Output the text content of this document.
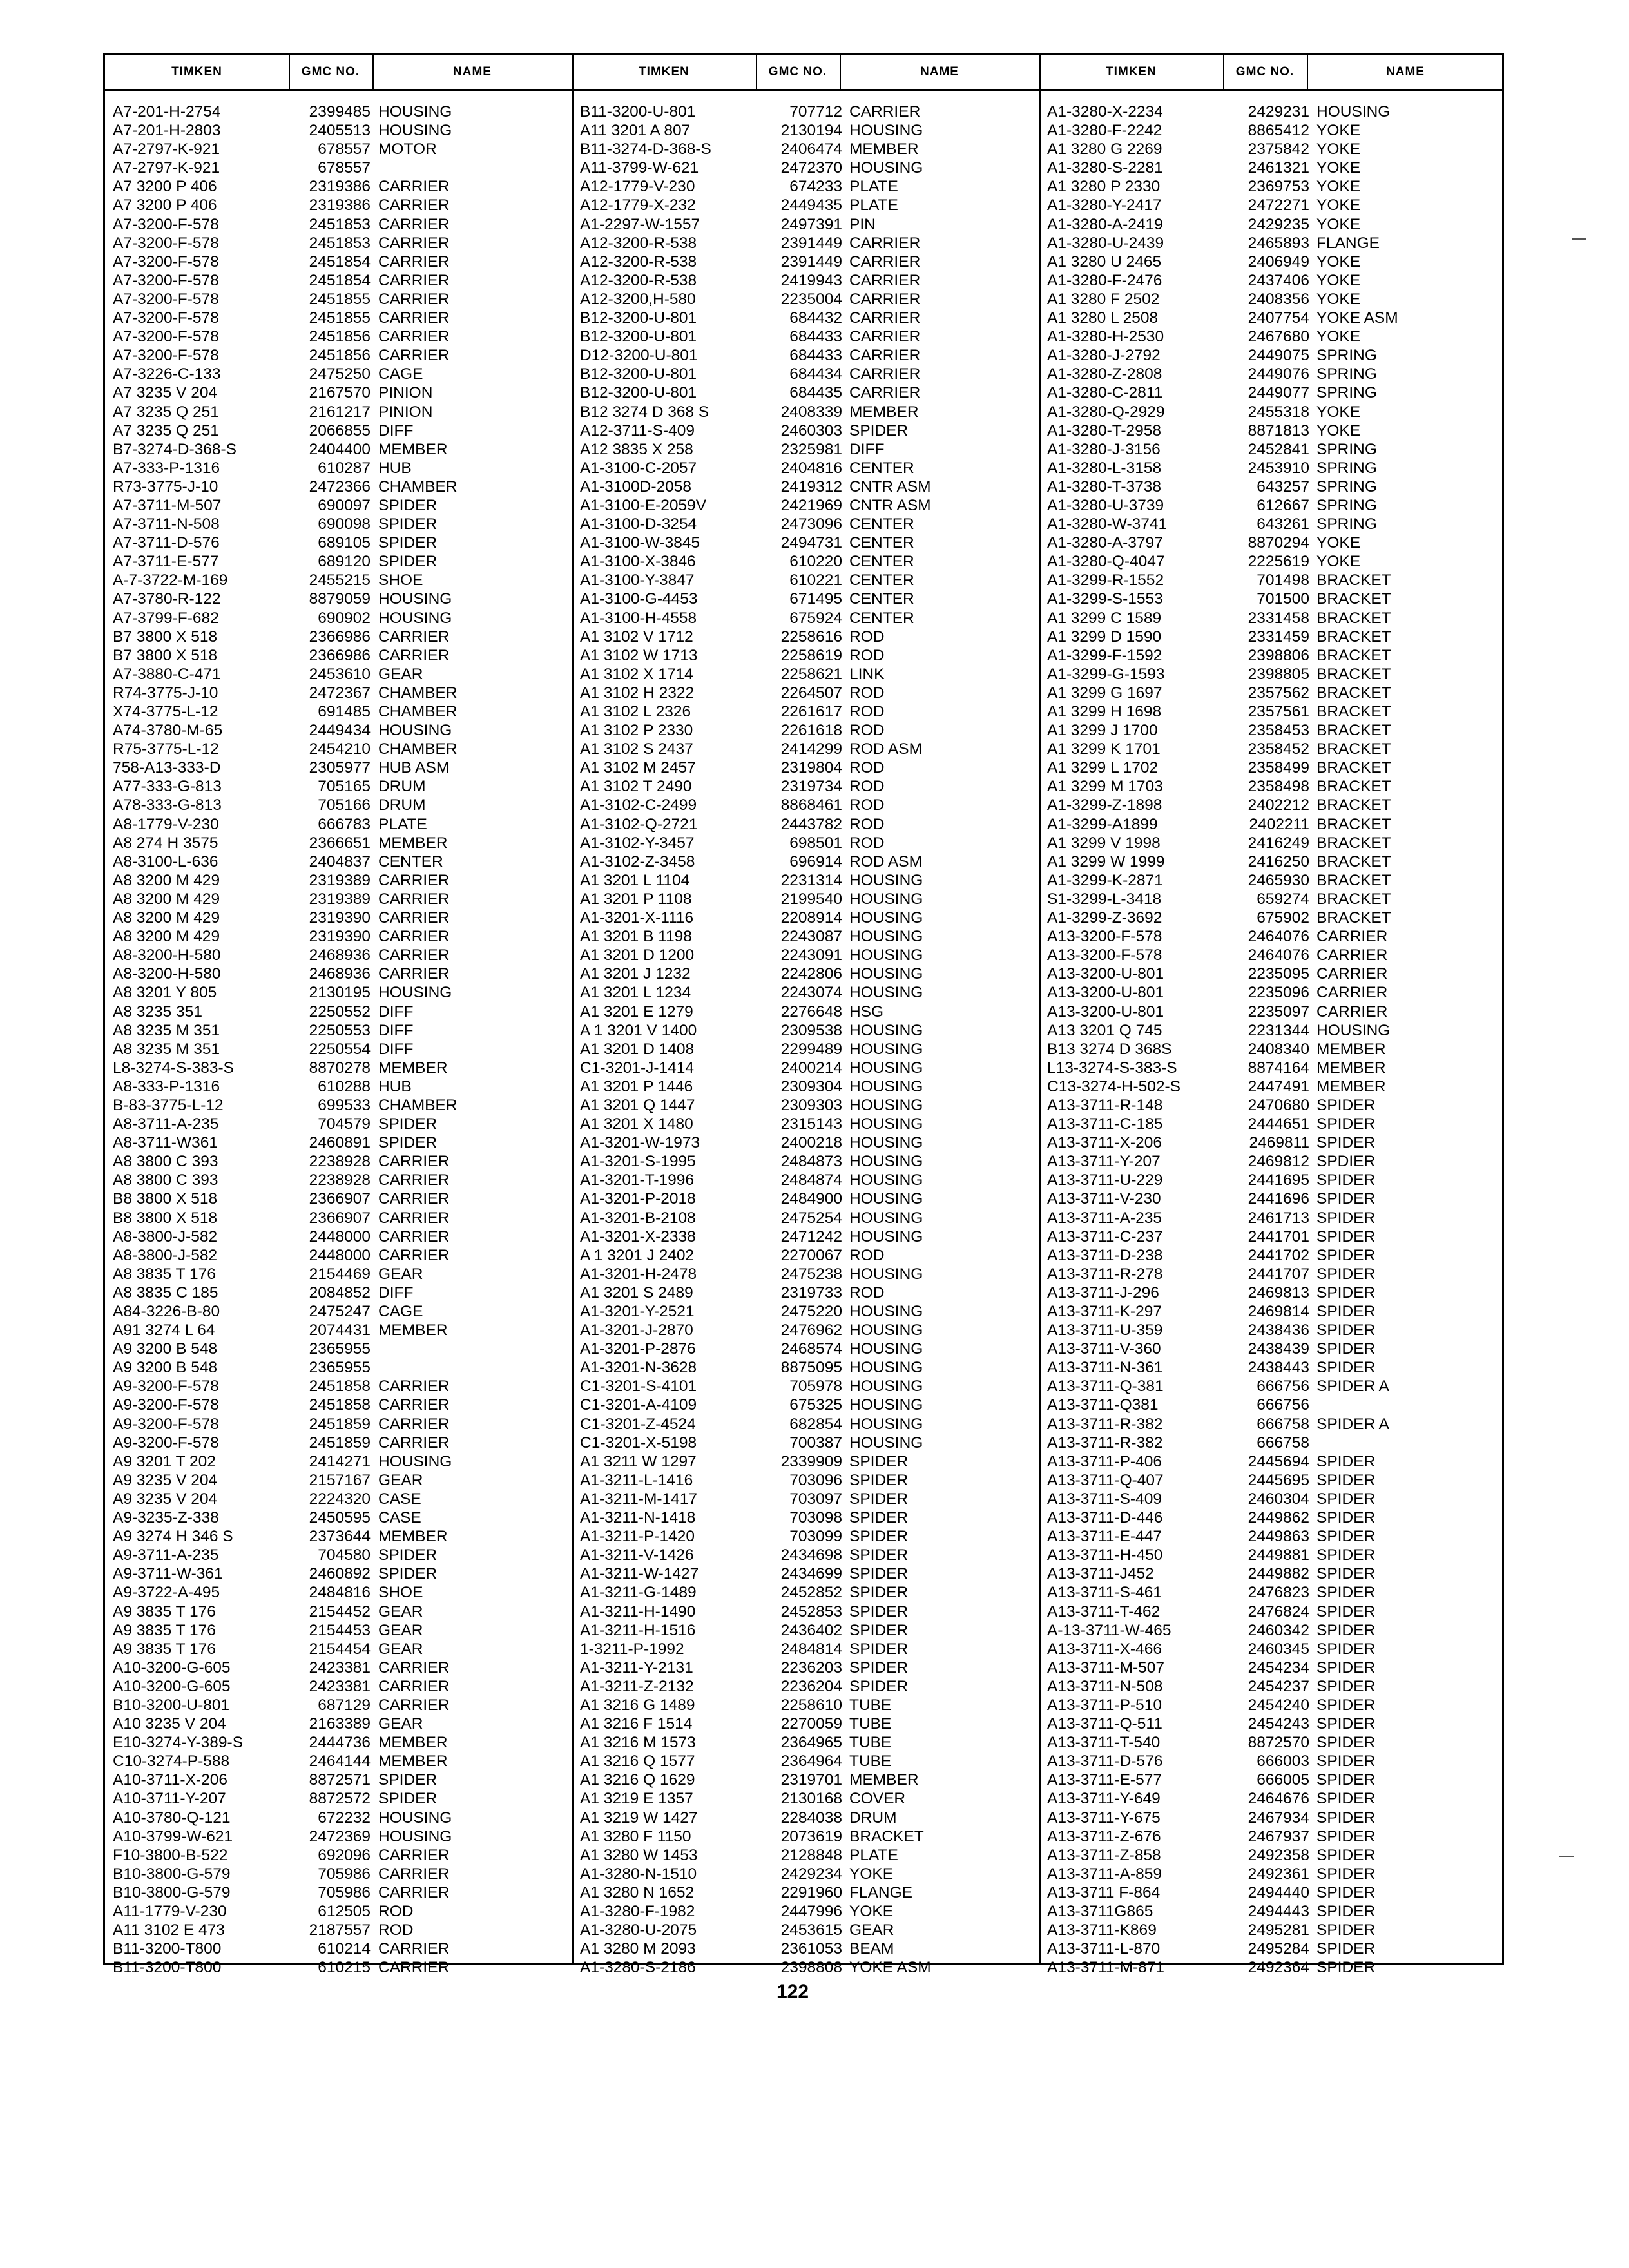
TIMKEN	GMC NO.	NAME	TIMKEN	GMC NO.	NAME	TIMKEN	GMC NO.	NAME
A7-201-H-2754	2399485 HOUSING
A7-201-H-2803	2405513 HOUSING
A7-2797-K-921	678557 MOTOR
A7-2797-K-921	678557
A7 3200 P 406	2319386 CARRIER
A7 3200 P 406	2319386 CARRIER
A7-3200-F-578	2451853 CARRIER
A7-3200-F-578	2451853 CARRIER
A7-3200-F-578	2451854 CARRIER
A7-3200-F-578	2451854 CARRIER
A7-3200-F-578	2451855 CARRIER
A7-3200-F-578	2451855 CARRIER
A7-3200-F-578	2451856 CARRIER
A7-3200-F-578	2451856 CARRIER
A7-3226-C-133	2475250 CAGE
A7 3235 V 204	2167570 PINION
A7 3235 Q 251	2161217 PINION
A7 3235 Q 251	2066855 DIFF
B7-3274-D-368-S	2404400 MEMBER
A7-333-P-1316	610287 HUB
R73-3775-J-10	2472366 CHAMBER
A7-3711-M-507	690097 SPIDER
A7-3711-N-508	690098 SPIDER
A7-3711-D-576	689105 SPIDER
A7-3711-E-577	689120 SPIDER
A-7-3722-M-169	2455215 SHOE
A7-3780-R-122	8879059 HOUSING
A7-3799-F-682	690902 HOUSING
B7 3800 X 518	2366986 CARRIER
B7 3800 X 518	2366986 CARRIER
A7-3880-C-471	2453610 GEAR
R74-3775-J-10	2472367 CHAMBER
X74-3775-L-12	691485 CHAMBER
A74-3780-M-65	2449434 HOUSING
R75-3775-L-12	2454210 CHAMBER
758-A13-333-D	2305977 HUB ASM
A77-333-G-813	705165 DRUM
A78-333-G-813	705166 DRUM
A8-1779-V-230	666783 PLATE
A8 274 H 3575	2366651 MEMBER
A8-3100-L-636	2404837 CENTER
A8 3200 M 429	2319389 CARRIER
A8 3200 M 429	2319389 CARRIER
A8 3200 M 429	2319390 CARRIER
A8 3200 M 429	2319390 CARRIER
A8-3200-H-580	2468936 CARRIER
A8-3200-H-580	2468936 CARRIER
A8 3201 Y 805	2130195 HOUSING
A8 3235 351	2250552 DIFF
A8 3235 M 351	2250553 DIFF
A8 3235 M 351	2250554 DIFF
L8-3274-S-383-S	8870278 MEMBER
A8-333-P-1316	610288 HUB
B-83-3775-L-12	699533 CHAMBER
A8-3711-A-235	704579 SPIDER
A8-3711-W361	2460891 SPIDER
A8 3800 C 393	2238928 CARRIER
A8 3800 C 393	2238928 CARRIER
B8 3800 X 518	2366907 CARRIER
B8 3800 X 518	2366907 CARRIER
A8-3800-J-582	2448000 CARRIER
A8-3800-J-582	2448000 CARRIER
A8 3835 T 176	2154469 GEAR
A8 3835 C 185	2084852 DIFF
A84-3226-B-80	2475247 CAGE
A91 3274 L 64	2074431 MEMBER
A9 3200 B 548	2365955
A9 3200 B 548	2365955
A9-3200-F-578	2451858 CARRIER
A9-3200-F-578	2451858 CARRIER
A9-3200-F-578	2451859 CARRIER
A9-3200-F-578	2451859 CARRIER
A9 3201 T 202	2414271 HOUSING
A9 3235 V 204	2157167 GEAR
A9 3235 V 204	2224320 CASE
A9-3235-Z-338	2450595 CASE
A9 3274 H 346 S	2373644 MEMBER
A9-3711-A-235	704580 SPIDER
A9-3711-W-361	2460892 SPIDER
A9-3722-A-495	2484816 SHOE
A9 3835 T 176	2154452 GEAR
A9 3835 T 176	2154453 GEAR
A9 3835 T 176	2154454 GEAR
A10-3200-G-605	2423381 CARRIER
A10-3200-G-605	2423381 CARRIER
B10-3200-U-801	687129 CARRIER
A10 3235 V 204	2163389 GEAR
E10-3274-Y-389-S	2444736 MEMBER
C10-3274-P-588	2464144 MEMBER
A10-3711-X-206	8872571 SPIDER
A10-3711-Y-207	8872572 SPIDER
A10-3780-Q-121	672232 HOUSING
A10-3799-W-621	2472369 HOUSING
F10-3800-B-522	692096 CARRIER
B10-3800-G-579	705986 CARRIER
B10-3800-G-579	705986 CARRIER
A11-1779-V-230	612505 ROD
A11 3102 E 473	2187557 ROD
B11-3200-T800	610214 CARRIER
B11-3200-T800	610215 CARRIER
B11-3200-U-801	707712 CARRIER
A11 3201 A 807	2130194 HOUSING
B11-3274-D-368-S	2406474 MEMBER
A11-3799-W-621	2472370 HOUSING
A12-1779-V-230	674233 PLATE
A12-1779-X-232	2449435 PLATE
A1-2297-W-1557	2497391 PIN
A12-3200-R-538	2391449 CARRIER
A12-3200-R-538	2391449 CARRIER
A12-3200-R-538	2419943 CARRIER
A12-3200,H-580	2235004 CARRIER
B12-3200-U-801	684432 CARRIER
B12-3200-U-801	684433 CARRIER
D12-3200-U-801	684433 CARRIER
B12-3200-U-801	684434 CARRIER
B12-3200-U-801	684435 CARRIER
B12 3274 D 368 S	2408339 MEMBER
A12-3711-S-409	2460303 SPIDER
A12 3835 X 258	2325981 DIFF
A1-3100-C-2057	2404816 CENTER
A1-3100D-2058	2419312 CNTR ASM
A1-3100-E-2059V	2421969 CNTR ASM
A1-3100-D-3254	2473096 CENTER
A1-3100-W-3845	2494731 CENTER
A1-3100-X-3846	610220 CENTER
A1-3100-Y-3847	610221 CENTER
A1-3100-G-4453	671495 CENTER
A1-3100-H-4558	675924 CENTER
A1 3102 V 1712	2258616 ROD
A1 3102 W 1713	2258619 ROD
A1 3102 X 1714	2258621 LINK
A1 3102 H 2322	2264507 ROD
A1 3102 L 2326	2261617 ROD
A1 3102 P 2330	2261618 ROD
A1 3102 S 2437	2414299 ROD ASM
A1 3102 M 2457	2319804 ROD
A1 3102 T 2490	2319734 ROD
A1-3102-C-2499	8868461 ROD
A1-3102-Q-2721	2443782 ROD
A1-3102-Y-3457	698501 ROD
A1-3102-Z-3458	696914 ROD ASM
A1 3201 L 1104	2231314 HOUSING
A1 3201 P 1108	2199540 HOUSING
A1-3201-X-1116	2208914 HOUSING
A1 3201 B 1198	2243087 HOUSING
A1 3201 D 1200	2243091 HOUSING
A1 3201 J 1232	2242806 HOUSING
A1 3201 L 1234	2243074 HOUSING
A1 3201 E 1279	2276648 HSG
A 1 3201 V 1400	2309538 HOUSING
A1 3201 D 1408	2299489 HOUSING
C1-3201-J-1414	2400214 HOUSING
A1 3201 P 1446	2309304 HOUSING
A1 3201 Q 1447	2309303 HOUSING
A1 3201 X 1480	2315143 HOUSING
A1-3201-W-1973	2400218 HOUSING
A1-3201-S-1995	2484873 HOUSING
A1-3201-T-1996	2484874 HOUSING
A1-3201-P-2018	2484900 HOUSING
A1-3201-B-2108	2475254 HOUSING
A1-3201-X-2338	2471242 HOUSING
A 1 3201 J 2402	2270067 ROD
A1-3201-H-2478	2475238 HOUSING
A1 3201 S 2489	2319733 ROD
A1-3201-Y-2521	2475220 HOUSING
A1-3201-J-2870	2476962 HOUSING
A1-3201-P-2876	2468574 HOUSING
A1-3201-N-3628	8875095 HOUSING
C1-3201-S-4101	705978 HOUSING
C1-3201-A-4109	675325 HOUSING
C1-3201-Z-4524	682854 HOUSING
C1-3201-X-5198	700387 HOUSING
A1 3211 W 1297	2339909 SPIDER
A1-3211-L-1416	703096 SPIDER
A1-3211-M-1417	703097 SPIDER
A1-3211-N-1418	703098 SPIDER
A1-3211-P-1420	703099 SPIDER
A1-3211-V-1426	2434698 SPIDER
A1-3211-W-1427	2434699 SPIDER
A1-3211-G-1489	2452852 SPIDER
A1-3211-H-1490	2452853 SPIDER
A1-3211-H-1516	2436402 SPIDER
1-3211-P-1992	2484814 SPIDER
A1-3211-Y-2131	2236203 SPIDER
A1-3211-Z-2132	2236204 SPIDER
A1 3216 G 1489	2258610 TUBE
A1 3216 F 1514	2270059 TUBE
A1 3216 M 1573	2364965 TUBE
A1 3216 Q 1577	2364964 TUBE
A1 3216 Q 1629	2319701 MEMBER
A1 3219 E 1357	2130168 COVER
A1 3219 W 1427	2284038 DRUM
A1 3280 F 1150	2073619 BRACKET
A1 3280 W 1453	2128848 PLATE
A1-3280-N-1510	2429234 YOKE
A1 3280 N 1652	2291960 FLANGE
A1-3280-F-1982	2447996 YOKE
A1-3280-U-2075	2453615 GEAR
A1 3280 M 2093	2361053 BEAM
A1-3280-S-2186	2398808 YOKE ASM
A1-3280-X-2234	2429231 HOUSING
A1-3280-F-2242	8865412 YOKE
A1 3280 G 2269	2375842 YOKE
A1-3280-S-2281	2461321 YOKE
A1 3280 P 2330	2369753 YOKE
A1-3280-Y-2417	2472271 YOKE
A1-3280-A-2419	2429235 YOKE
A1-3280-U-2439	2465893 FLANGE
A1 3280 U 2465	2406949 YOKE
A1-3280-F-2476	2437406 YOKE
A1 3280 F 2502	2408356 YOKE
A1 3280 L 2508	2407754 YOKE ASM
A1-3280-H-2530	2467680 YOKE
A1-3280-J-2792	2449075 SPRING
A1-3280-Z-2808	2449076 SPRING
A1-3280-C-2811	2449077 SPRING
A1-3280-Q-2929	2455318 YOKE
A1-3280-T-2958	8871813 YOKE
A1-3280-J-3156	2452841 SPRING
A1-3280-L-3158	2453910 SPRING
A1-3280-T-3738	643257 SPRING
A1-3280-U-3739	612667 SPRING
A1-3280-W-3741	643261 SPRING
A1-3280-A-3797	8870294 YOKE
A1-3280-Q-4047	2225619 YOKE
A1-3299-R-1552	701498 BRACKET
A1-3299-S-1553	701500 BRACKET
A1 3299 C 1589	2331458 BRACKET
A1 3299 D 1590	2331459 BRACKET
A1-3299-F-1592	2398806 BRACKET
A1-3299-G-1593	2398805 BRACKET
A1 3299 G 1697	2357562 BRACKET
A1 3299 H 1698	2357561 BRACKET
A1 3299 J 1700	2358453 BRACKET
A1 3299 K 1701	2358452 BRACKET
A1 3299 L 1702	2358499 BRACKET
A1 3299 M 1703	2358498 BRACKET
A1-3299-Z-1898	2402212 BRACKET
A1-3299-A1899	2402211 BRACKET
A1 3299 V 1998	2416249 BRACKET
A1 3299 W 1999	2416250 BRACKET
A1-3299-K-2871	2465930 BRACKET
S1-3299-L-3418	659274 BRACKET
A1-3299-Z-3692	675902 BRACKET
A13-3200-F-578	2464076 CARRIER
A13-3200-F-578	2464076 CARRIER
A13-3200-U-801	2235095 CARRIER
A13-3200-U-801	2235096 CARRIER
A13-3200-U-801	2235097 CARRIER
A13 3201 Q 745	2231344 HOUSING
B13 3274 D 368S	2408340 MEMBER
L13-3274-S-383-S	8874164 MEMBER
C13-3274-H-502-S	2447491 MEMBER
A13-3711-R-148	2470680 SPIDER
A13-3711-C-185	2444651 SPIDER
A13-3711-X-206	2469811 SPIDER
A13-3711-Y-207	2469812 SPDIER
A13-3711-U-229	2441695 SPIDER
A13-3711-V-230	2441696 SPIDER
A13-3711-A-235	2461713 SPIDER
A13-3711-C-237	2441701 SPIDER
A13-3711-D-238	2441702 SPIDER
A13-3711-R-278	2441707 SPIDER
A13-3711-J-296	2469813 SPIDER
A13-3711-K-297	2469814 SPIDER
A13-3711-U-359	2438436 SPIDER
A13-3711-V-360	2438439 SPIDER
A13-3711-N-361	2438443 SPIDER
A13-3711-Q-381	666756 SPIDER A
A13-3711-Q381	666756
A13-3711-R-382	666758 SPIDER A
A13-3711-R-382	666758
A13-3711-P-406	2445694 SPIDER
A13-3711-Q-407	2445695 SPIDER
A13-3711-S-409	2460304 SPIDER
A13-3711-D-446	2449862 SPIDER
A13-3711-E-447	2449863 SPIDER
A13-3711-H-450	2449881 SPIDER
A13-3711-J452	2449882 SPIDER
A13-3711-S-461	2476823 SPIDER
A13-3711-T-462	2476824 SPIDER
A-13-3711-W-465	2460342 SPIDER
A13-3711-X-466	2460345 SPIDER
A13-3711-M-507	2454234 SPIDER
A13-3711-N-508	2454237 SPIDER
A13-3711-P-510	2454240 SPIDER
A13-3711-Q-511	2454243 SPIDER
A13-3711-T-540	8872570 SPIDER
A13-3711-D-576	666003 SPIDER
A13-3711-E-577	666005 SPIDER
A13-3711-Y-649	2464676 SPIDER
A13-3711-Y-675	2467934 SPIDER
A13-3711-Z-676	2467937 SPIDER
A13-3711-Z-858	2492358 SPIDER
A13-3711-A-859	2492361 SPIDER
A13-3711 F-864	2494440 SPIDER
A13-3711G865	2494443 SPIDER
A13-3711-K869	2495281 SPIDER
A13-3711-L-870	2495284 SPIDER
A13-3711-M-871	2492364 SPIDER
122
